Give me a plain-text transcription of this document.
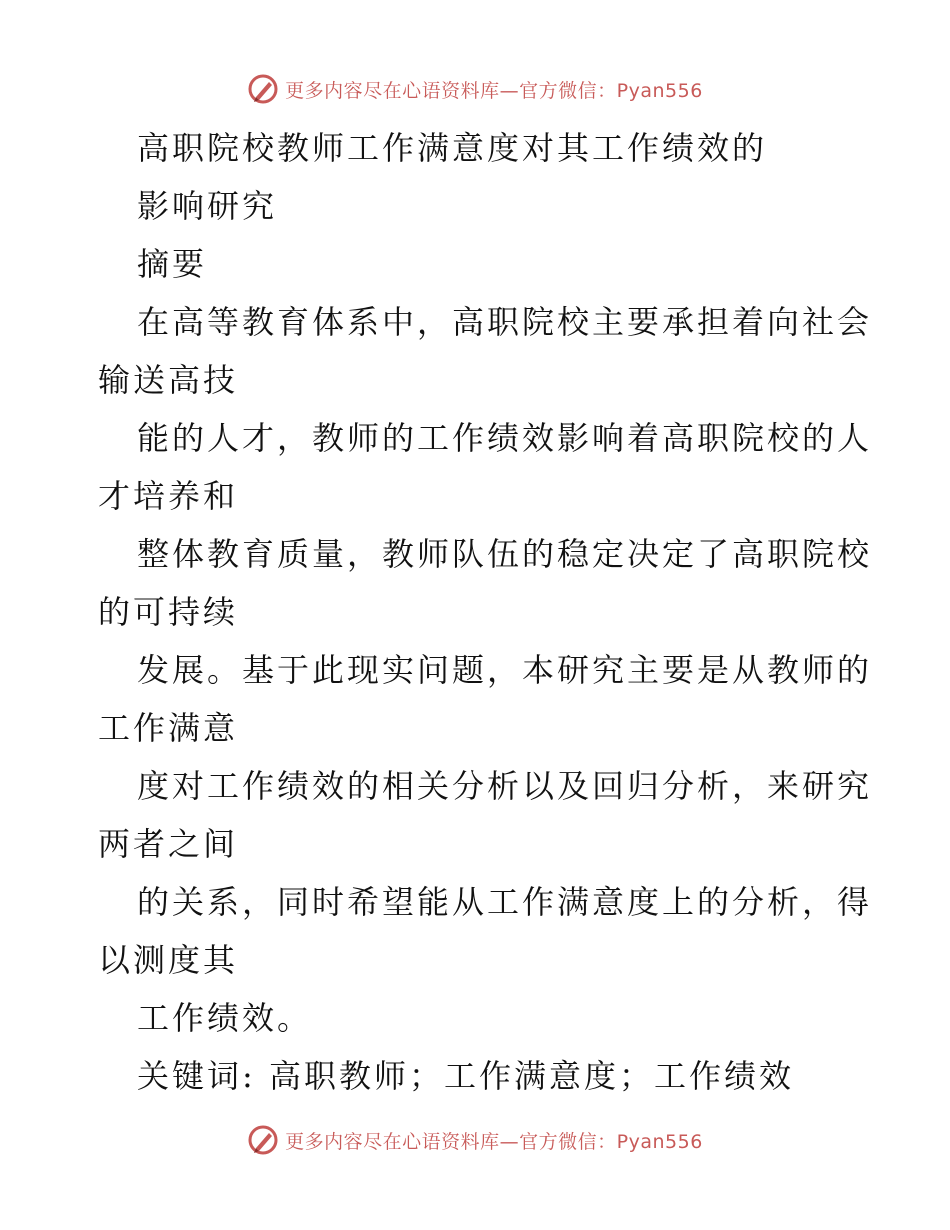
更多内容尽在心语资料库—官方微信：Pyan556
高职院校教师工作满意度对其工作绩效的
影响研究
摘要
在高等教育体系中，高职院校主要承担着向社会
输送高技
能的人才，教师的工作绩效影响着高职院校的人
才培养和
整体教育质量，教师队伍的稳定决定了高职院校
的可持续
发展。基于此现实问题，本研究主要是从教师的
工作满意
度对工作绩效的相关分析以及回归分析，来研究
两者之间
的关系，同时希望能从工作满意度上的分析，得
以测度其
工作绩效。
关键词: 高职教师；工作满意度；工作绩效
更多内容尽在心语资料库—官方微信：Pyan556
